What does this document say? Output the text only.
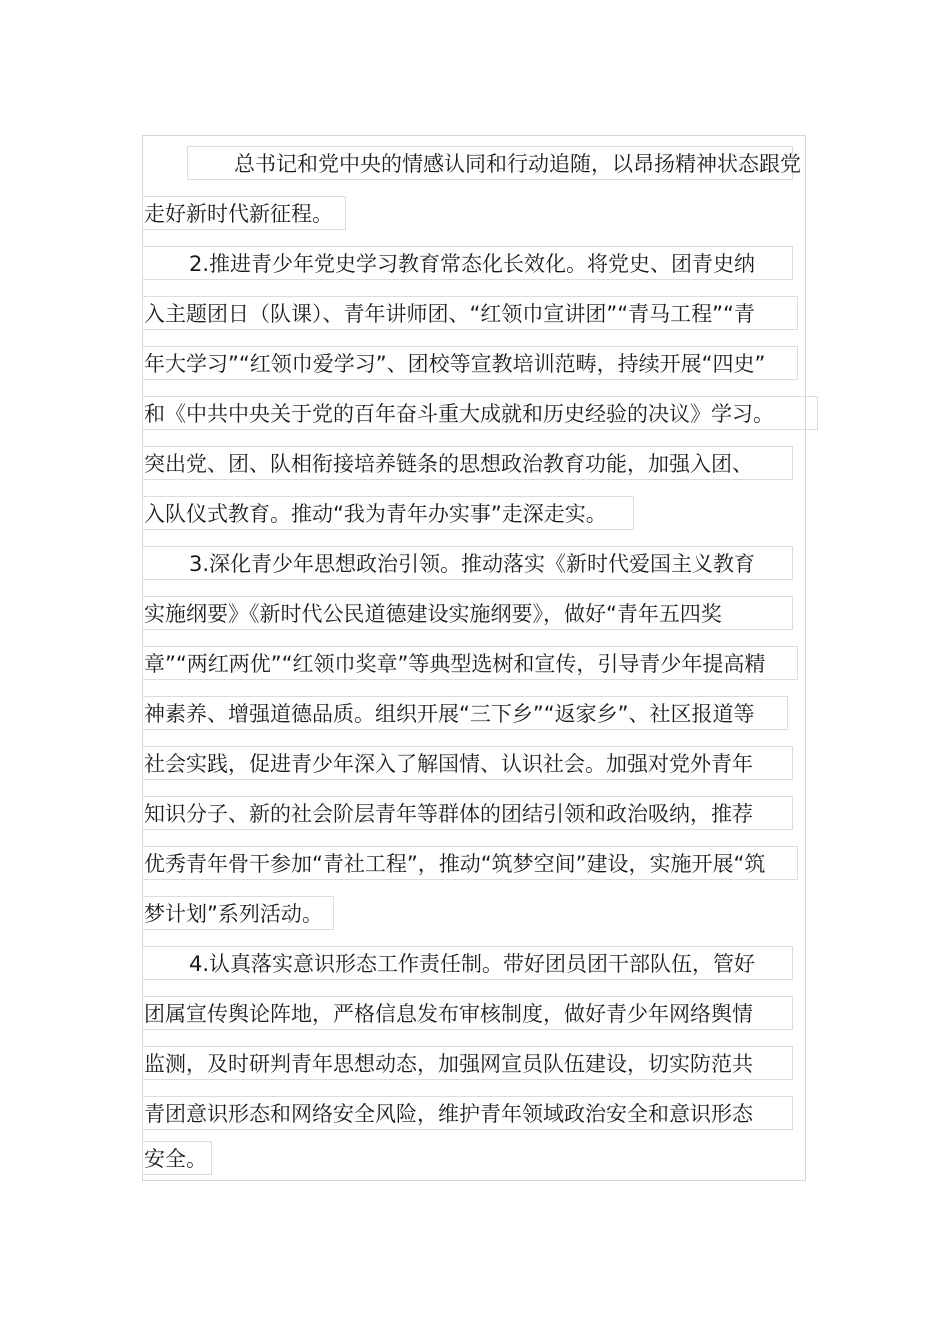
总书记和党中央的情感认同和行动追随，以昂扬精神状态跟党
走好新时代新征程。
2.推进青少年党史学习教育常态化长效化。将党史、团青史纳
入主题团日（队课）、青年讲师团、“红领巾宣讲团”“青马工程”“青
年大学习”“红领巾爱学习”、团校等宣教培训范畴，持续开展“四史”
和《中共中央关于党的百年奋斗重大成就和历史经验的决议》学习。
突出党、团、队相衔接培养链条的思想政治教育功能，加强入团、
入队仪式教育。推动“我为青年办实事”走深走实。
3.深化青少年思想政治引领。推动落实《新时代爱国主义教育
实施纲要》《新时代公民道德建设实施纲要》，做好“青年五四奖
章”“两红两优”“红领巾奖章”等典型选树和宣传，引导青少年提高精
神素养、增强道德品质。组织开展“三下乡”“返家乡”、社区报道等
社会实践，促进青少年深入了解国情、认识社会。加强对党外青年
知识分子、新的社会阶层青年等群体的团结引领和政治吸纳，推荐
优秀青年骨干参加“青社工程”，推动“筑梦空间”建设，实施开展“筑
梦计划”系列活动。
4.认真落实意识形态工作责任制。带好团员团干部队伍，管好
团属宣传舆论阵地，严格信息发布审核制度，做好青少年网络舆情
监测，及时研判青年思想动态，加强网宣员队伍建设，切实防范共
青团意识形态和网络安全风险，维护青年领域政治安全和意识形态
安全。
